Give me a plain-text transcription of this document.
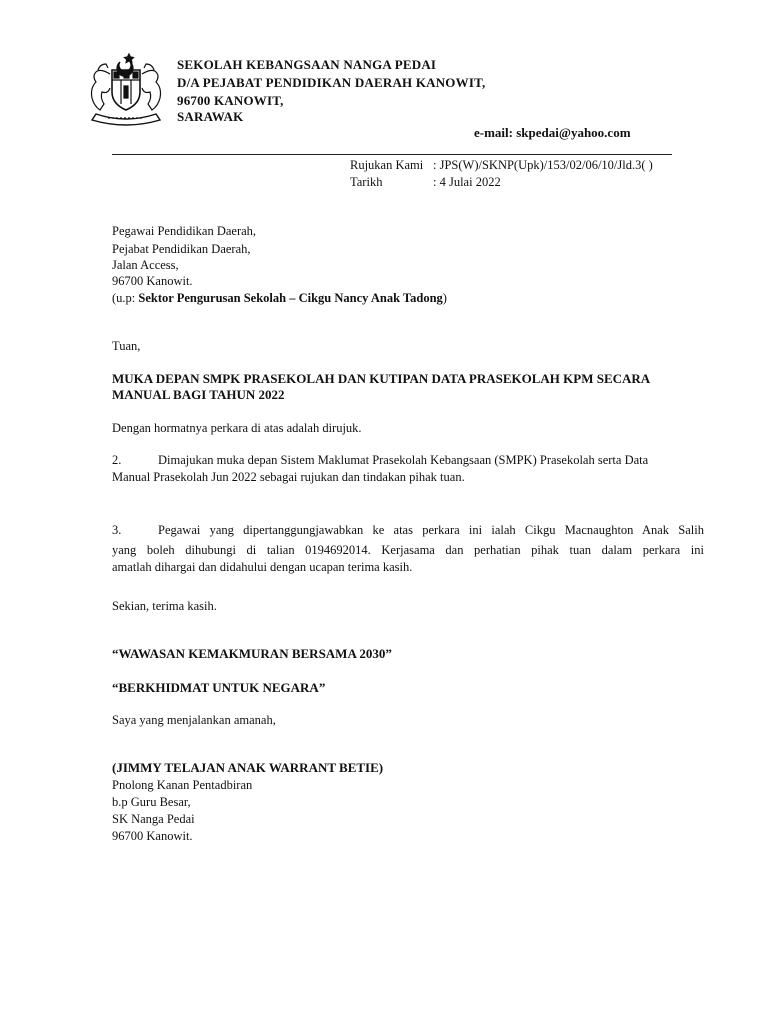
SEKOLAH KEBANGSAAN NANGA PEDAI
D/A PEJABAT PENDIDIKAN DAERAH KANOWIT,
96700 KANOWIT,
SARAWAK
e-mail: skpedai@yahoo.com
Rujukan Kami : JPS(W)/SKNP(Upk)/153/02/06/10/Jld.3( )
Tarikh	: 4 Julai 2022
Pegawai Pendidikan Daerah,
Pejabat Pendidikan Daerah,
Jalan Access,
96700 Kanowit.
(u.p: Sektor Pengurusan Sekolah – Cikgu Nancy Anak Tadong)
Tuan,
MUKA DEPAN SMPK PRASEKOLAH DAN KUTIPAN DATA PRASEKOLAH KPM SECARA
MANUAL BAGI TAHUN 2022
Dengan hormatnya perkara di atas adalah dirujuk.
2.	Dimajukan muka depan Sistem Maklumat Prasekolah Kebangsaan (SMPK) Prasekolah serta Data
Manual Prasekolah Jun 2022 sebagai rujukan dan tindakan pihak tuan.
3.	Pegawai yang dipertanggungjawabkan ke atas perkara ini ialah Cikgu Macnaughton Anak Salih
yang boleh dihubungi di talian 0194692014. Kerjasama dan perhatian pihak tuan dalam perkara ini
amatlah dihargai dan didahului dengan ucapan terima kasih.
Sekian, terima kasih.
“WAWASAN KEMAKMURAN BERSAMA 2030”
“BERKHIDMAT UNTUK NEGARA”
Saya yang menjalankan amanah,
(JIMMY TELAJAN ANAK WARRANT BETIE)
Pnolong Kanan Pentadbiran
b.p Guru Besar,
SK Nanga Pedai
96700 Kanowit.
